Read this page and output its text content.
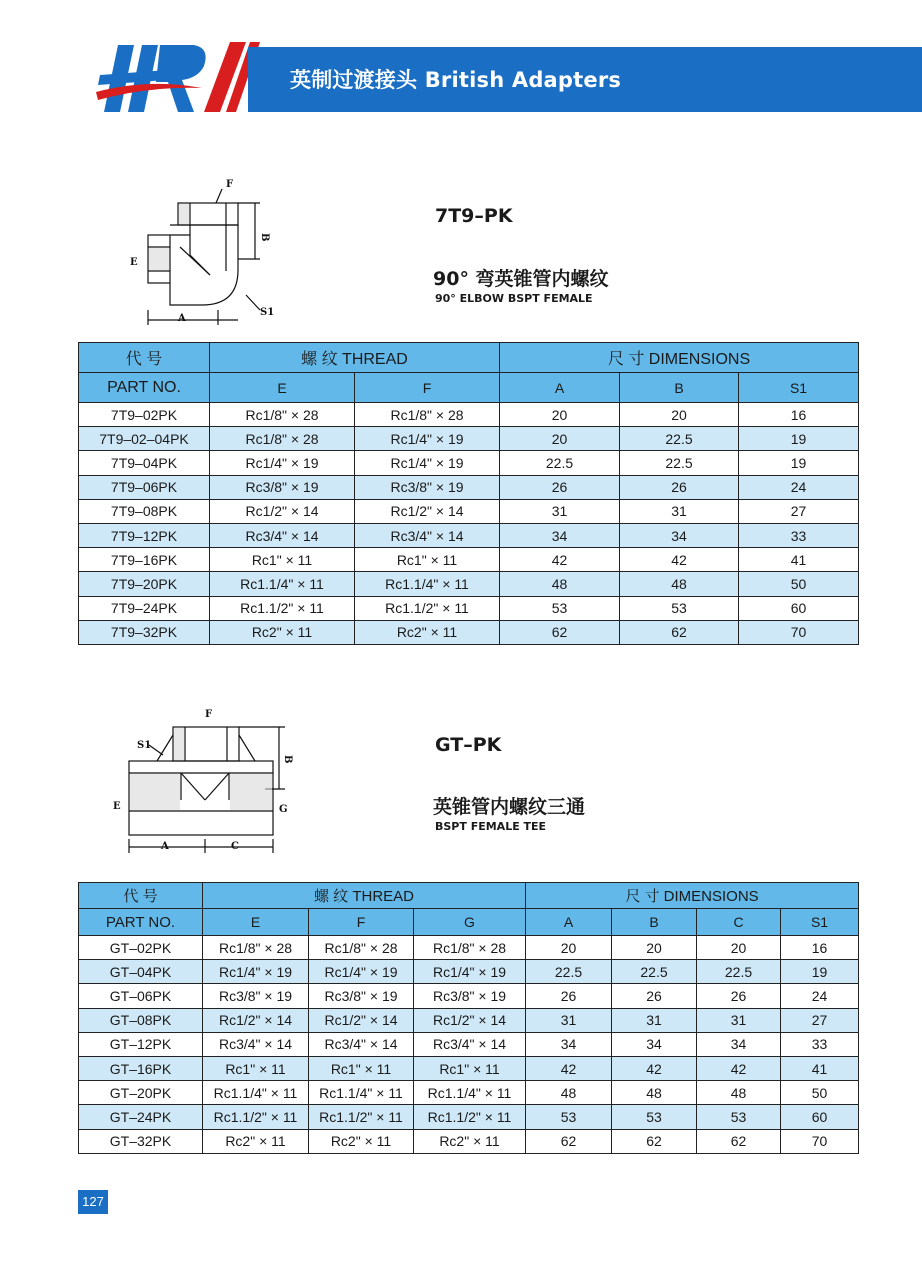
英制过渡接头 British Adapters
F
E
B
A
S1
7T9–PK
90° 弯英锥管内螺纹
90° ELBOW BSPT FEMALE
代 号	螺 纹 THREAD		尺 寸 DIMENSIONS		
PART NO.	E	F	A	B	S1
7T9–02PK	Rc1/8" × 28	Rc1/8" × 28	20	20	16
7T9–02–04PK	Rc1/8" × 28	Rc1/4" × 19	20	22.5	19
7T9–04PK	Rc1/4" × 19	Rc1/4" × 19	22.5	22.5	19
7T9–06PK	Rc3/8" × 19	Rc3/8" × 19	26	26	24
7T9–08PK	Rc1/2" × 14	Rc1/2" × 14	31	31	27
7T9–12PK	Rc3/4" × 14	Rc3/4" × 14	34	34	33
7T9–16PK	Rc1" × 11	Rc1" × 11	42	42	41
7T9–20PK	Rc1.1/4" × 11	Rc1.1/4" × 11	48	48	50
7T9–24PK	Rc1.1/2" × 11	Rc1.1/2" × 11	53	53	60
7T9–32PK	Rc2" × 11	Rc2" × 11	62	62	70
F
S1
B
E	G
A	C
GT–PK
英锥管内螺纹三通
BSPT FEMALE TEE
代 号	螺 纹 THREAD			尺 寸 DIMENSIONS			
PART NO.	E	F	G	A	B	C	S1
GT–02PK	Rc1/8" × 28	Rc1/8" × 28	Rc1/8" × 28	20	20	20	16
GT–04PK	Rc1/4" × 19	Rc1/4" × 19	Rc1/4" × 19	22.5	22.5	22.5	19
GT–06PK	Rc3/8" × 19	Rc3/8" × 19	Rc3/8" × 19	26	26	26	24
GT–08PK	Rc1/2" × 14	Rc1/2" × 14	Rc1/2" × 14	31	31	31	27
GT–12PK	Rc3/4" × 14	Rc3/4" × 14	Rc3/4" × 14	34	34	34	33
GT–16PK	Rc1" × 11	Rc1" × 11	Rc1" × 11	42	42	42	41
GT–20PK	Rc1.1/4" × 11	Rc1.1/4" × 11	Rc1.1/4" × 11	48	48	48	50
GT–24PK	Rc1.1/2" × 11	Rc1.1/2" × 11	Rc1.1/2" × 11	53	53	53	60
GT–32PK	Rc2" × 11	Rc2" × 11	Rc2" × 11	62	62	62	70
127
